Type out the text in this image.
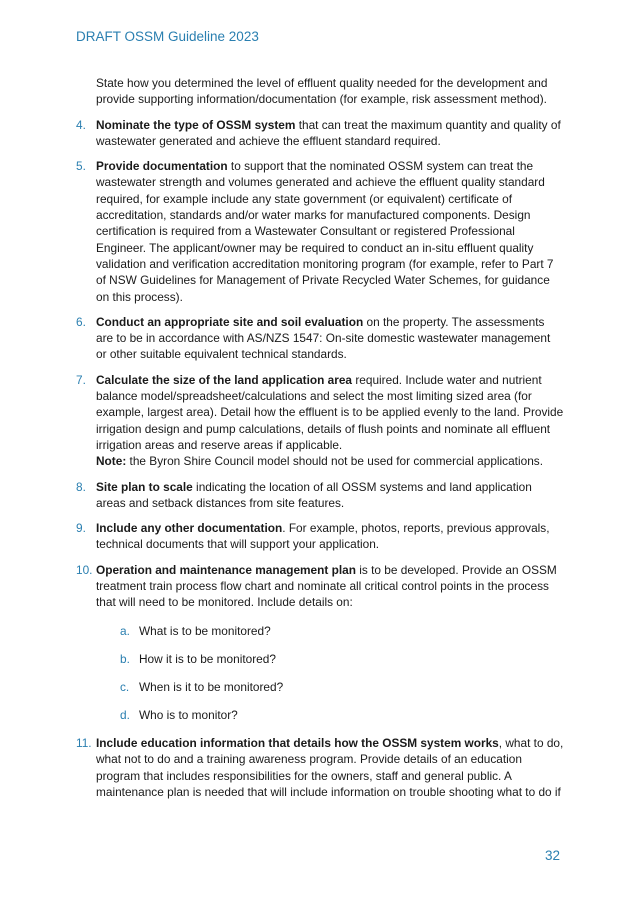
DRAFT OSSM Guideline 2023

State how you determined the level of effluent quality needed for the development and provide supporting information/documentation (for example, risk assessment method).

4. Nominate the type of OSSM system that can treat the maximum quantity and quality of wastewater generated and achieve the effluent standard required.

5. Provide documentation to support that the nominated OSSM system can treat the wastewater strength and volumes generated and achieve the effluent quality standard required, for example include any state government (or equivalent) certificate of accreditation, standards and/or water marks for manufactured components. Design certification is required from a Wastewater Consultant or registered Professional Engineer. The applicant/owner may be required to conduct an in-situ effluent quality validation and verification accreditation monitoring program (for example, refer to Part 7 of NSW Guidelines for Management of Private Recycled Water Schemes, for guidance on this process).

6. Conduct an appropriate site and soil evaluation on the property. The assessments are to be in accordance with AS/NZS 1547: On-site domestic wastewater management or other suitable equivalent technical standards.

7. Calculate the size of the land application area required. Include water and nutrient balance model/spreadsheet/calculations and select the most limiting sized area (for example, largest area). Detail how the effluent is to be applied evenly to the land. Provide irrigation design and pump calculations, details of flush points and nominate all effluent irrigation areas and reserve areas if applicable.

Note: the Byron Shire Council model should not be used for commercial applications.

8. Site plan to scale indicating the location of all OSSM systems and land application areas and setback distances from site features.

9. Include any other documentation. For example, photos, reports, previous approvals, technical documents that will support your application.

10. Operation and maintenance management plan is to be developed. Provide an OSSM treatment train process flow chart and nominate all critical control points in the process that will need to be monitored. Include details on:

a. What is to be monitored?
b. How it is to be monitored?
c. When is it to be monitored?
d. Who is to monitor?
11. Include education information that details how the OSSM system works, what to do, what not to do and a training awareness program. Provide details of an education program that includes responsibilities for the owners, staff and general public. A maintenance plan is needed that will include information on trouble shooting what to do if

32
